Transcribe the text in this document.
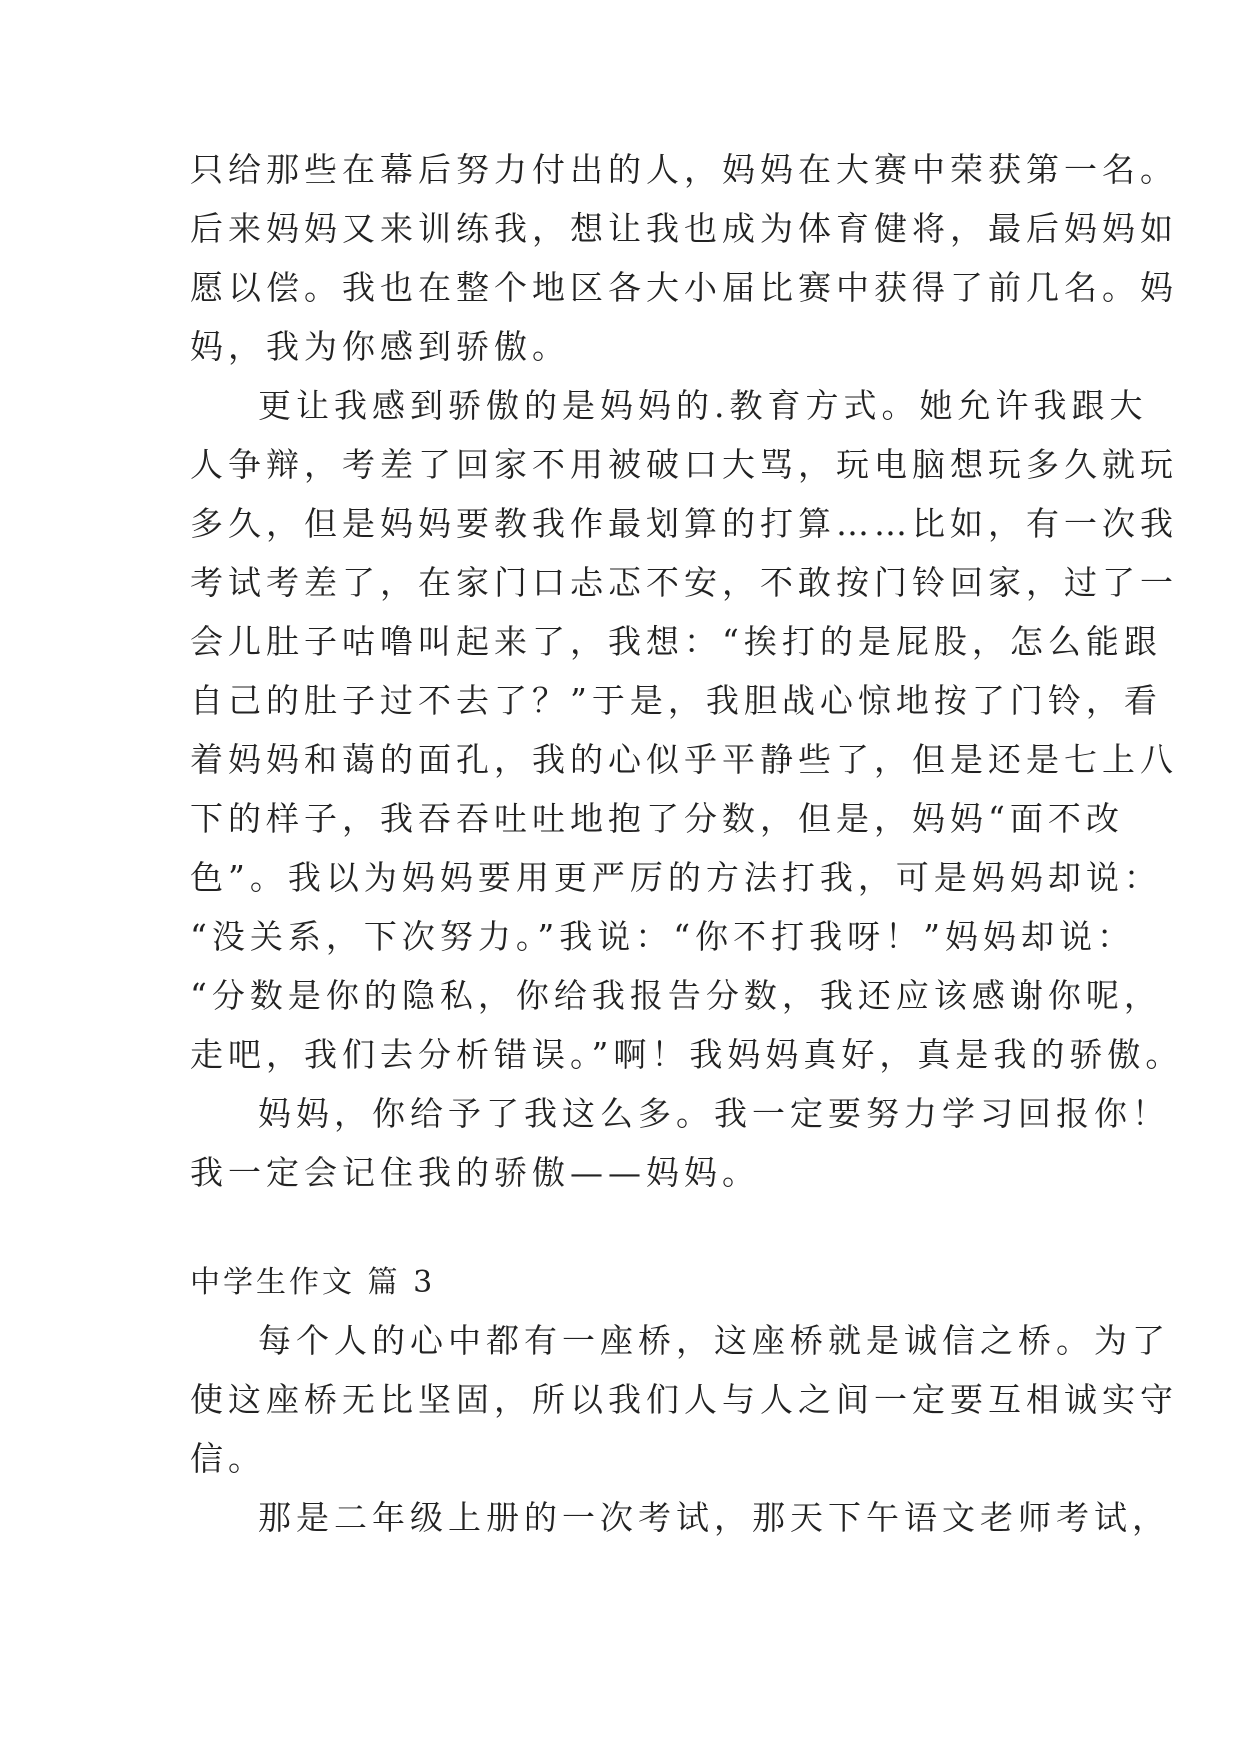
只给那些在幕后努力付出的人，妈妈在大赛中荣获第一名。
后来妈妈又来训练我，想让我也成为体育健将，最后妈妈如
愿以偿。我也在整个地区各大小届比赛中获得了前几名。妈
妈，我为你感到骄傲。
更让我感到骄傲的是妈妈的.教育方式。她允许我跟大
人争辩，考差了回家不用被破口大骂，玩电脑想玩多久就玩
多久，但是妈妈要教我作最划算的打算……比如，有一次我
考试考差了，在家门口忐忑不安，不敢按门铃回家，过了一
会儿肚子咕噜叫起来了，我想：“挨打的是屁股，怎么能跟
自己的肚子过不去了？”于是，我胆战心惊地按了门铃，看
着妈妈和蔼的面孔，我的心似乎平静些了，但是还是七上八
下的样子，我吞吞吐吐地抱了分数，但是，妈妈“面不改
色”。我以为妈妈要用更严厉的方法打我，可是妈妈却说：
“没关系，下次努力。”我说：“你不打我呀！”妈妈却说：
“分数是你的隐私，你给我报告分数，我还应该感谢你呢，
走吧，我们去分析错误。”啊！我妈妈真好，真是我的骄傲。
妈妈，你给予了我这么多。我一定要努力学习回报你！
我一定会记住我的骄傲——妈妈。
中学生作文 篇 3
每个人的心中都有一座桥，这座桥就是诚信之桥。为了
使这座桥无比坚固，所以我们人与人之间一定要互相诚实守
信。
那是二年级上册的一次考试，那天下午语文老师考试，
